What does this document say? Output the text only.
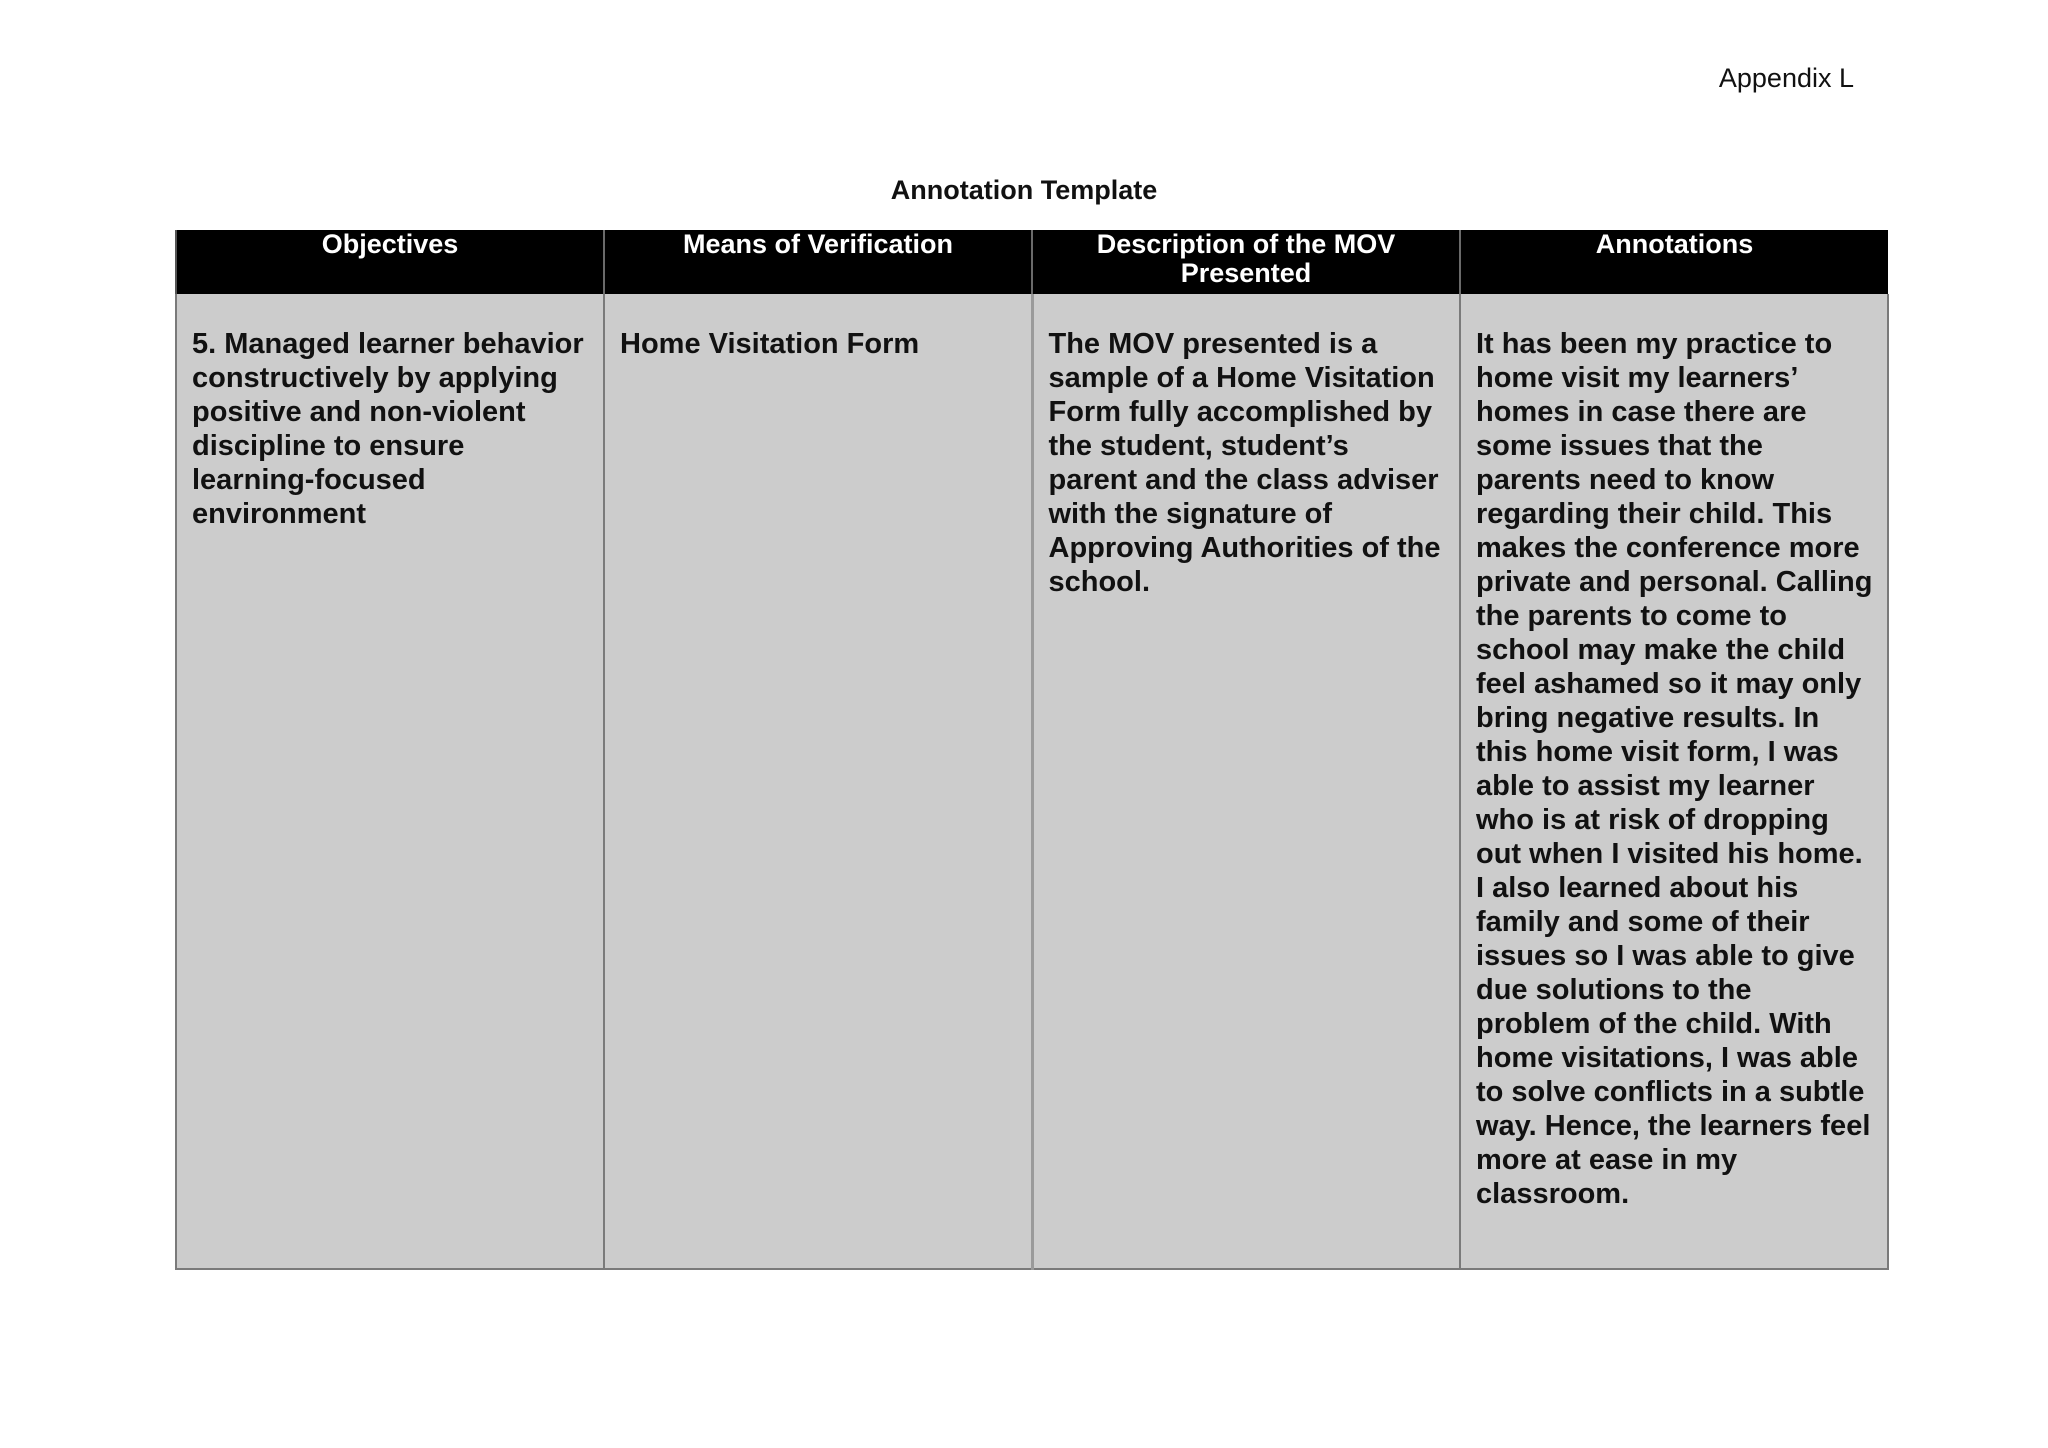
Appendix L
Annotation Template
Objectives	Means of Verification	Description of the MOV Presented	Annotations

5. Managed learner behavior constructively by applying positive and non-violent discipline to ensure learning-focused environment	Home Visitation Form	The MOV presented is a sample of a Home Visitation Form fully accomplished by the student, student’s parent and the class adviser with the signature of Approving Authorities of the school.	It has been my practice to home visit my learners’ homes in case there are some issues that the parents need to know regarding their child. This makes the conference more private and personal. Calling the parents to come to school may make the child feel ashamed so it may only bring negative results. In this home visit form, I was able to assist my learner who is at risk of dropping out when I visited his home. I also learned about his family and some of their issues so I was able to give due solutions to the problem of the child. With home visitations, I was able to solve conflicts in a subtle way. Hence, the learners feel more at ease in my classroom.
